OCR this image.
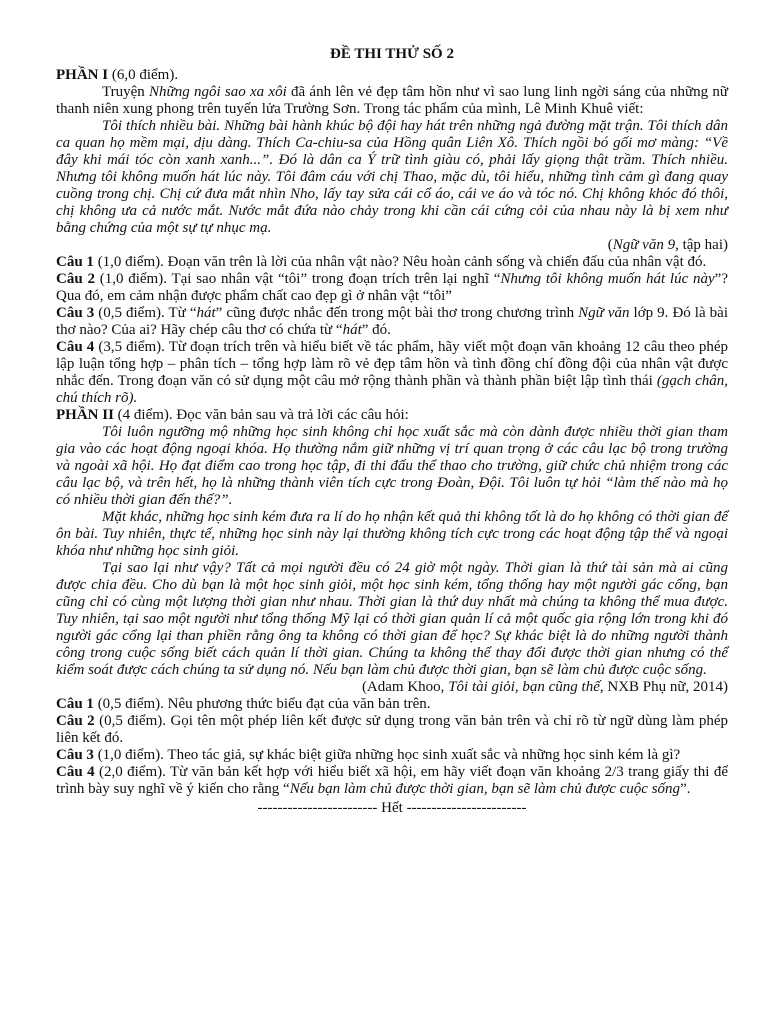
ĐỀ THI THỬ SỐ 2

PHẦN I (6,0 điểm).

Truyện Những ngôi sao xa xôi đã ánh lên vẻ đẹp tâm hồn như vì sao lung linh ngời sáng của những nữ thanh niên xung phong trên tuyến lửa Trường Sơn. Trong tác phẩm của mình, Lê Minh Khuê viết:

Tôi thích nhiều bài. Những bài hành khúc bộ đội hay hát trên những ngả đường mặt trận. Tôi thích dân ca quan họ mềm mại, dịu dàng. Thích Ca-chiu-sa của Hồng quân Liên Xô. Thích ngồi bó gối mơ màng: “Về đây khi mái tóc còn xanh xanh...”. Đó là dân ca Ý trữ tình giàu có, phải lấy giọng thật trầm. Thích nhiều. Nhưng tôi không muốn hát lúc này. Tôi đâm cáu với chị Thao, mặc dù, tôi hiểu, những tình cảm gì đang quay cuồng trong chị. Chị cứ đưa mắt nhìn Nho, lấy tay sửa cái cổ áo, cái ve áo và tóc nó. Chị không khóc đó thôi, chị không ưa cả nước mắt. Nước mắt đứa nào chảy trong khi cần cái cứng cỏi của nhau này là bị xem như bằng chứng của một sự tự nhục mạ.

(Ngữ văn 9, tập hai)

Câu 1 (1,0 điểm). Đoạn văn trên là lời của nhân vật nào? Nêu hoàn cảnh sống và chiến đấu của nhân vật đó.

Câu 2 (1,0 điểm). Tại sao nhân vật “tôi” trong đoạn trích trên lại nghĩ “Nhưng tôi không muốn hát lúc này”? Qua đó, em cảm nhận được phẩm chất cao đẹp gì ở nhân vật “tôi”

Câu 3 (0,5 điểm). Từ “hát” cũng được nhắc đến trong một bài thơ trong chương trình Ngữ văn lớp 9. Đó là bài thơ nào? Của ai? Hãy chép câu thơ có chứa từ “hát” đó.

Câu 4 (3,5 điểm). Từ đoạn trích trên và hiểu biết về tác phẩm, hãy viết một đoạn văn khoảng 12 câu theo phép lập luận tổng hợp – phân tích – tổng hợp làm rõ vẻ đẹp tâm hồn và tình đồng chí đồng đội của nhân vật được nhắc đến. Trong đoạn văn có sử dụng một câu mở rộng thành phần và thành phần biệt lập tình thái (gạch chân, chú thích rõ).

PHẦN II (4 điểm). Đọc văn bản sau và trả lời các câu hỏi:

Tôi luôn ngưỡng mộ những học sinh không chỉ học xuất sắc mà còn dành được nhiều thời gian tham gia vào các hoạt động ngoại khóa. Họ thường nắm giữ những vị trí quan trọng ở các câu lạc bộ trong trường và ngoài xã hội. Họ đạt điểm cao trong học tập, đi thi đấu thể thao cho trường, giữ chức chủ nhiệm trong các câu lạc bộ, và trên hết, họ là những thành viên tích cực trong Đoàn, Đội. Tôi luôn tự hỏi “làm thế nào mà họ có nhiều thời gian đến thế?”.

Mặt khác, những học sinh kém đưa ra lí do họ nhận kết quả thi không tốt là do họ không có thời gian để ôn bài. Tuy nhiên, thực tế, những học sinh này lại thường không tích cực trong các hoạt động tập thể và ngoại khóa như những học sinh giỏi.

Tại sao lại như vậy? Tất cả mọi người đều có 24 giờ một ngày. Thời gian là thứ tài sản mà ai cũng được chia đều. Cho dù bạn là một học sinh giỏi, một học sinh kém, tổng thống hay một người gác cổng, bạn cũng chỉ có cùng một lượng thời gian như nhau. Thời gian là thứ duy nhất mà chúng ta không thể mua được. Tuy nhiên, tại sao một người như tổng thống Mỹ lại có thời gian quản lí cả một quốc gia rộng lớn trong khi đó người gác cổng lại than phiền rằng ông ta không có thời gian để học? Sự khác biệt là do những người thành công trong cuộc sống biết cách quản lí thời gian. Chúng ta không thể thay đổi được thời gian nhưng có thể kiểm soát được cách chúng ta sử dụng nó. Nếu bạn làm chủ được thời gian, bạn sẽ làm chủ được cuộc sống.

(Adam Khoo, Tôi tài giỏi, bạn cũng thế, NXB Phụ nữ, 2014)

Câu 1 (0,5 điểm). Nêu phương thức biểu đạt của văn bản trên.

Câu 2 (0,5 điểm). Gọi tên một phép liên kết được sử dụng trong văn bản trên và chỉ rõ từ ngữ dùng làm phép liên kết đó.

Câu 3 (1,0 điểm). Theo tác giả, sự khác biệt giữa những học sinh xuất sắc và những học sinh kém là gì?

Câu 4 (2,0 điểm). Từ văn bản kết hợp với hiểu biết xã hội, em hãy viết đoạn văn khoảng 2/3 trang giấy thi để trình bày suy nghĩ về ý kiến cho rằng “Nếu bạn làm chủ được thời gian, bạn sẽ làm chủ được cuộc sống”.

------------------------ Hết ------------------------
